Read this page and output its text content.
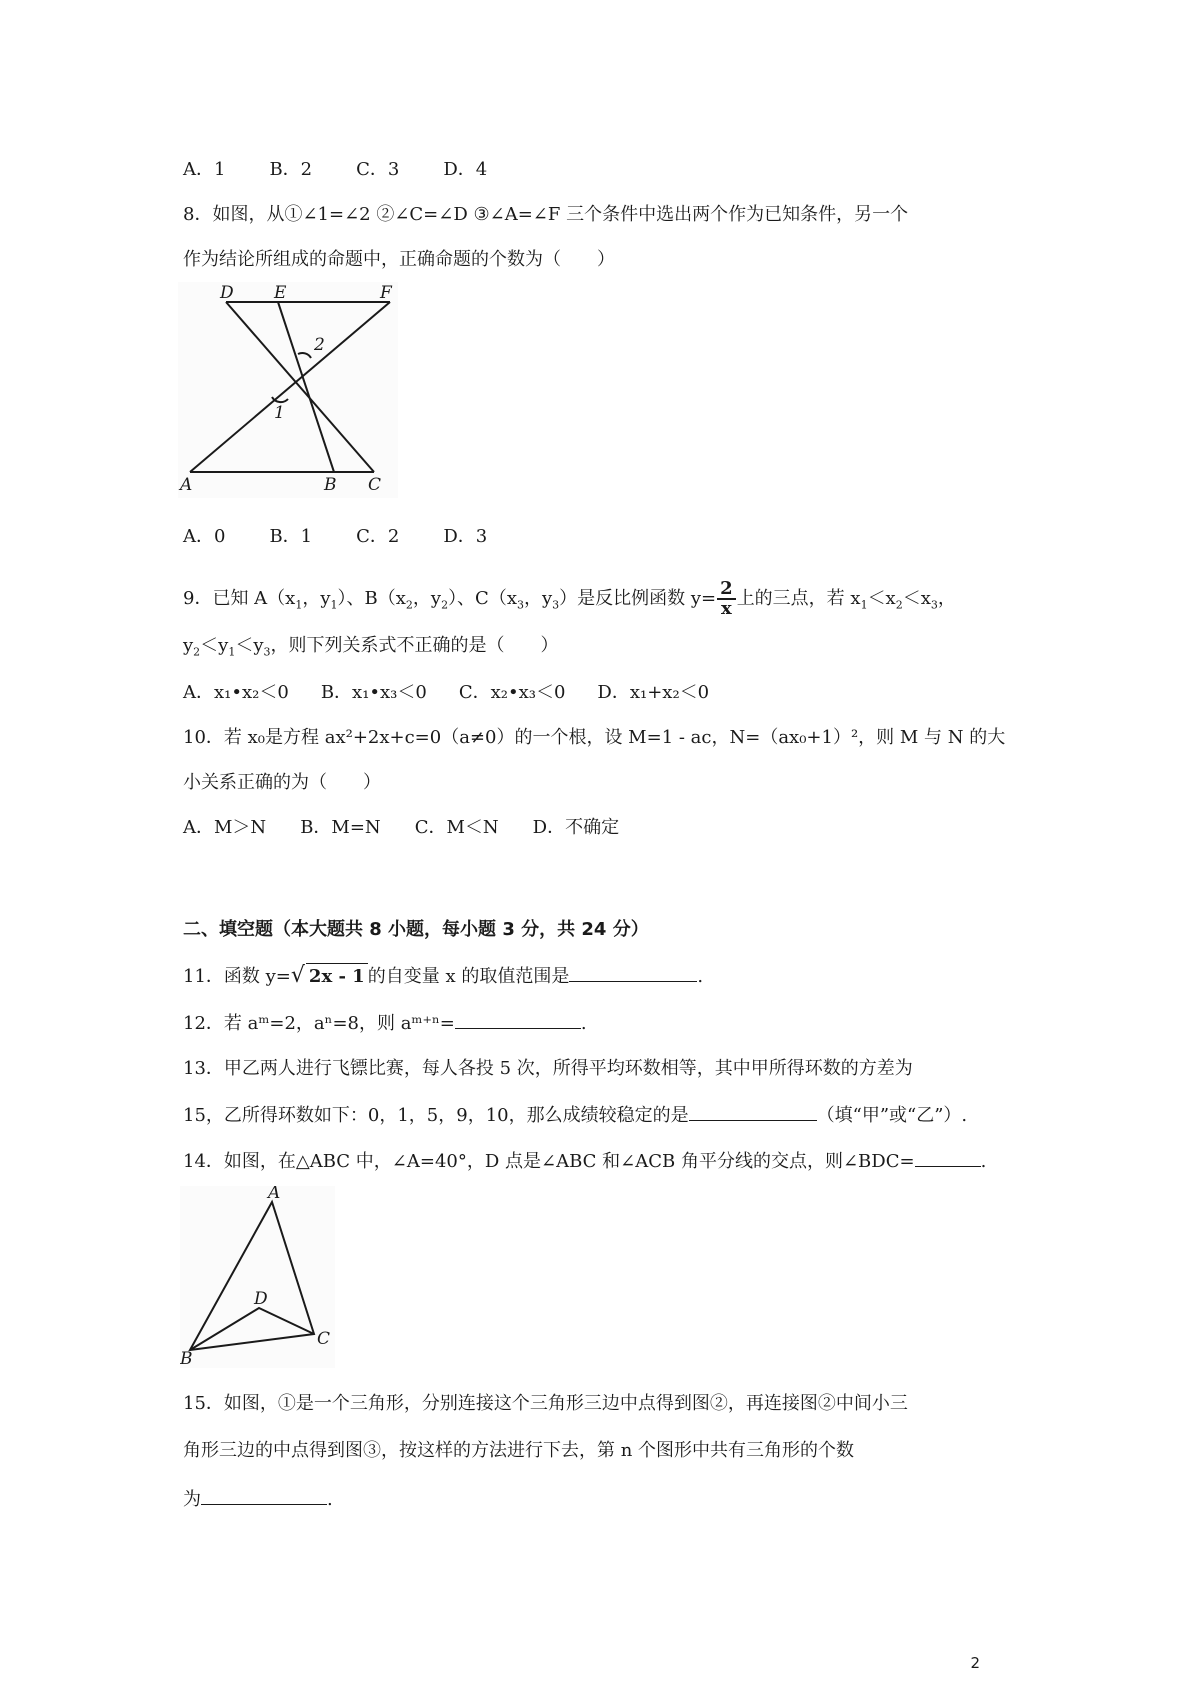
A．1 B．2 C．3 D．4
8．如图，从①∠1=∠2 ②∠C=∠D ③∠A=∠F 三个条件中选出两个作为已知条件，另一个
作为结论所组成的命题中，正确命题的个数为（　　）
D E	F
A	B C
1
2
A．0 B．1 C．2 D．3
9．已知 $A(x_1$，$y_1$）、$B(x_2$，$y_2$）、$C(x_3$，$y_3$）是反比例函数 $y= \frac{2}{x}$ 上的三点，若 $x_1<x_2<x_3$，
$y_2<y_1<y_3$，则下列关系式不正确的是（　　）
A．x₁•x₂＜0 B．x₁•x₃＜0 C．x₂•x₃＜0 D．x₁+x₂＜0
10．若 x₀是方程 ax²+2x+c=0（a≠0）的一个根，设 M=1 - ac，N=（ax₀+1）²，则 M 与 N 的大
小关系正确的为（　　）
A．M＞N B．M=N C．M＜N D．不确定
二、填空题（本大题共 8 小题，每小题 3 分，共 24 分）
11．函数 y=√ 2x - 1 的自变量 x 的取值范围是	.
12．若 aᵐ=2，aⁿ=8，则 aᵐ⁺ⁿ=	.
13．甲乙两人进行飞镖比赛，每人各投 5 次，所得平均环数相等，其中甲所得环数的方差为
15，乙所得环数如下：0，1，5，9，10，那么成绩较稳定的是	（填“甲”或“乙”）.
14．如图，在△ABC 中，∠A=40°，D 点是∠ABC 和∠ACB 角平分线的交点，则∠BDC=	.
A
D
B
C
15．如图，①是一个三角形，分别连接这个三角形三边中点得到图②，再连接图②中间小三
角形三边的中点得到图③，按这样的方法进行下去，第 n 个图形中共有三角形的个数
为	.
2
